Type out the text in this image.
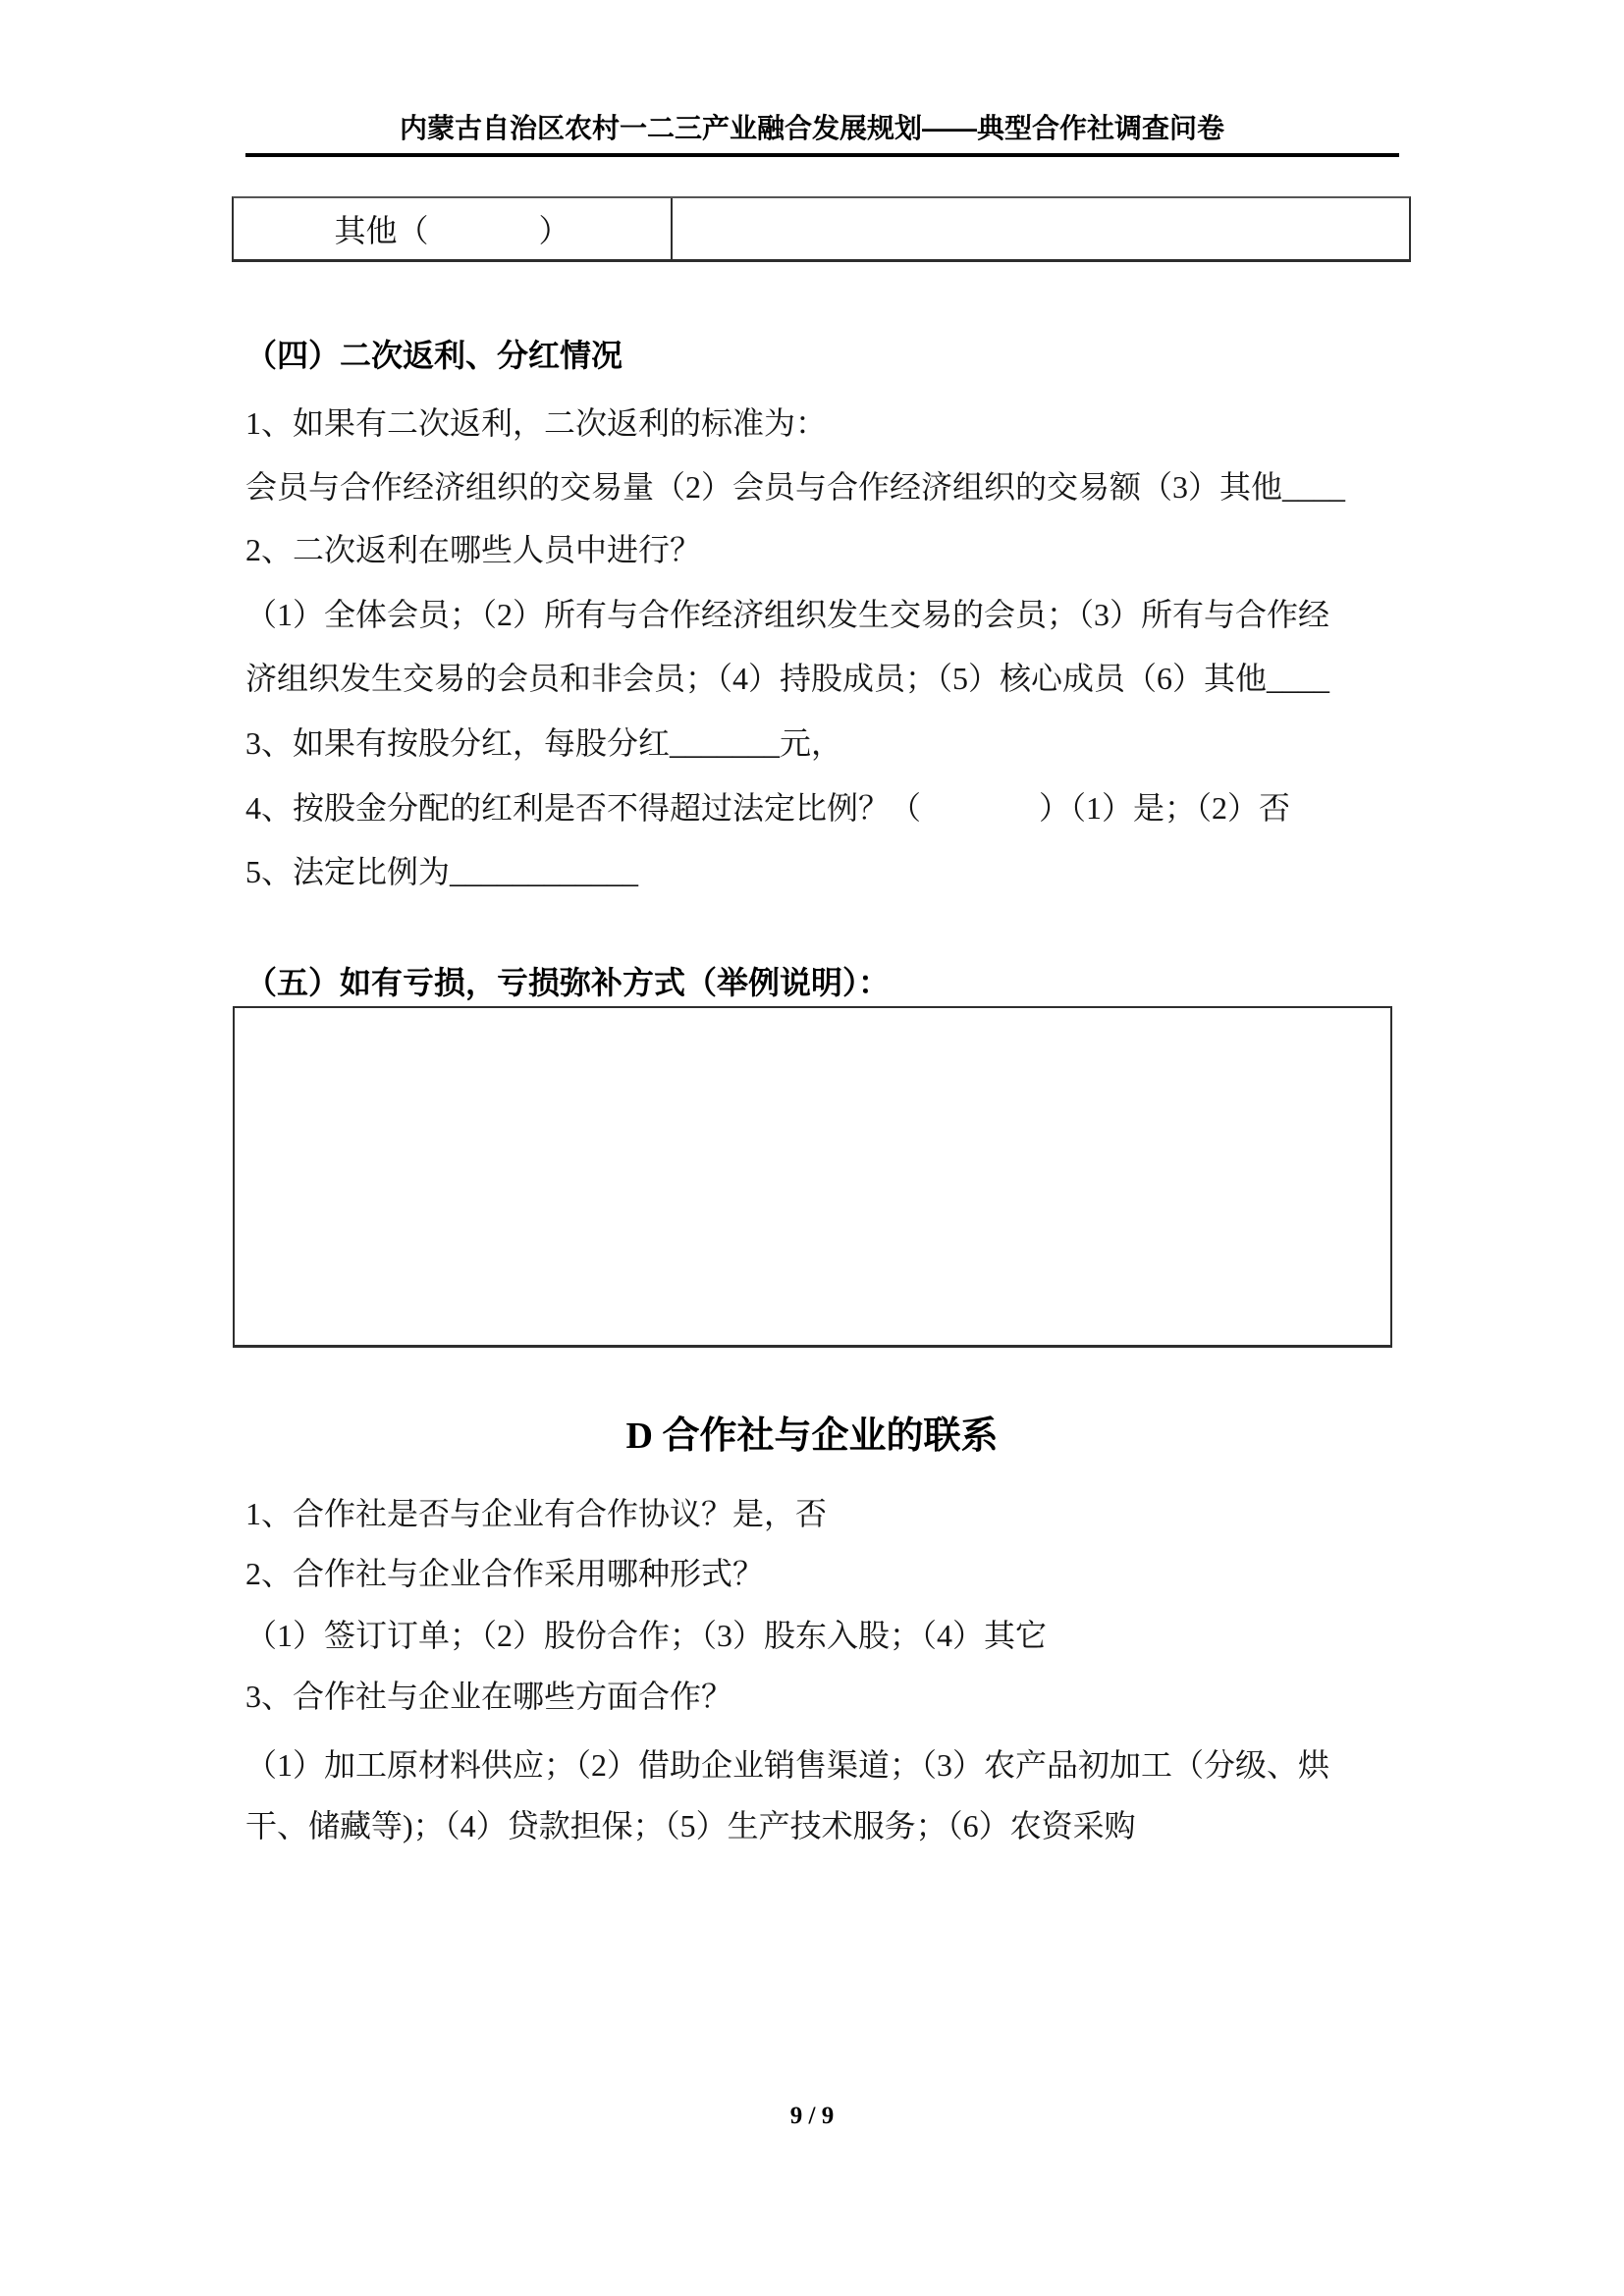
内蒙古自治区农村一二三产业融合发展规划——典型合作社调查问卷
其他（              ）
（四）二次返利、分红情况
1、如果有二次返利，二次返利的标准为：
会员与合作经济组织的交易量（2）会员与合作经济组织的交易额（3）其他____
2、二次返利在哪些人员中进行？
（1）全体会员；（2）所有与合作经济组织发生交易的会员；（3）所有与合作经
济组织发生交易的会员和非会员；（4）持股成员；（5）核心成员（6）其他____
3、如果有按股分红，每股分红_______元，
4、按股金分配的红利是否不得超过法定比例？（               ）（1）是；（2）否
5、法定比例为____________
（五）如有亏损，亏损弥补方式（举例说明）：
D 合作社与企业的联系
1、合作社是否与企业有合作协议？是，否
2、合作社与企业合作采用哪种形式？
（1）签订订单；（2）股份合作；（3）股东入股；（4）其它
3、合作社与企业在哪些方面合作？
（1）加工原材料供应；（2）借助企业销售渠道；（3）农产品初加工（分级、烘
干、储藏等)；（4）贷款担保；（5）生产技术服务；（6）农资采购
9 / 9
